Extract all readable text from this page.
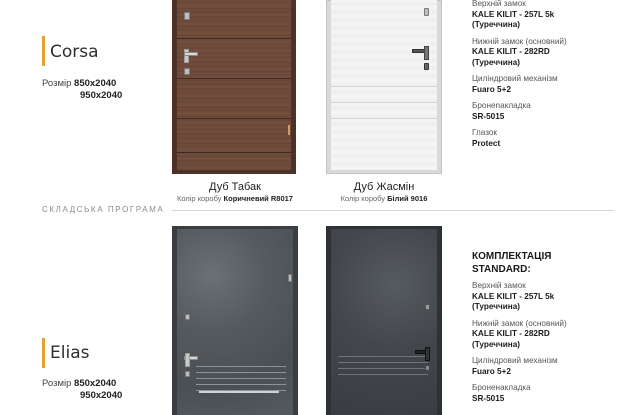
Corsa
Розмір 850х2040
950х2040
Дуб Табак
Колір коробу Коричневий R8017
Дуб Жасмін
Колір коробу Білий 9016
Верхній замок
KALE KILIT - 257L 5k
(Туреччина)
Нижній замок (основний)
KALE KILIT - 282RD
(Туреччина)
Циліндровий механізм
Fuaro 5+2
Бронenакладка
SR-5015
Глазок
Protect
СКЛАДСЬКА ПРОГРАМА
Elias
Розмір 850х2040
950х2040
КОМПЛЕКТАЦІЯ
STANDARD:
Верхній замок
KALE KILIT - 257L 5k
(Туреччина)
Нижній замок (основний)
KALE KILIT - 282RD
(Туреччина)
Циліндровий механізм
Fuaro 5+2
Броненакладка
SR-5015
